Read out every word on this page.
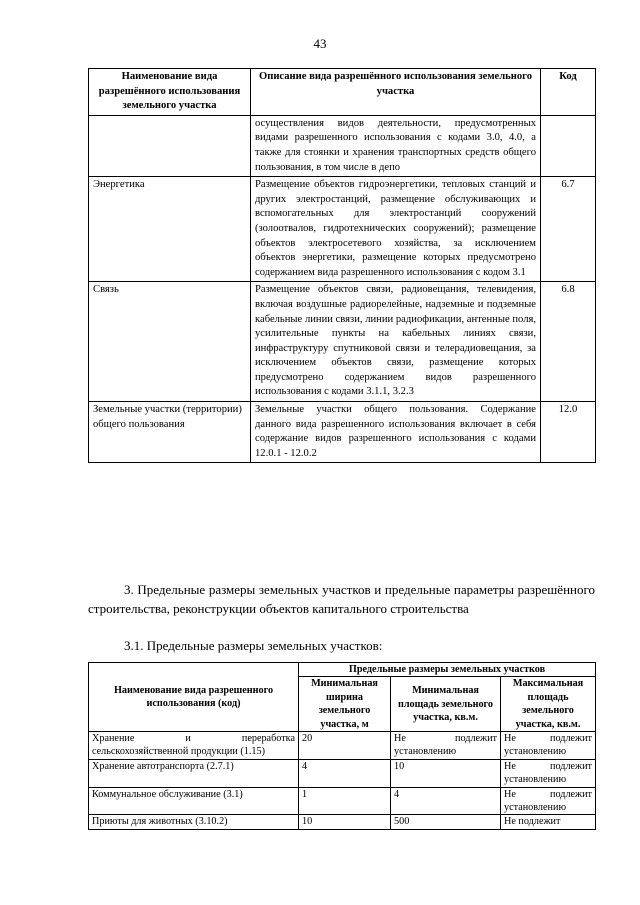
43
Наименование вида разрешённого использования земельного участка	Описание вида разрешённого использования земельного участка	Код
	осуществления видов деятельности, предусмотренных видами разрешенного использования с кодами 3.0, 4.0, а также для стоянки и хранения транспортных средств общего пользования, в том числе в депо	
Энергетика	Размещение объектов гидроэнергетики, тепловых станций и других электростанций, размещение обслуживающих и вспомогательных для электростанций сооружений (золоотвалов, гидротехнических сооружений); размещение объектов электросетевого хозяйства, за исключением объектов энергетики, размещение которых предусмотрено содержанием вида разрешенного использования с кодом 3.1	6.7
Связь	Размещение объектов связи, радиовещания, телевидения, включая воздушные радиорелейные, надземные и подземные кабельные линии связи, линии радиофикации, антенные поля, усилительные пункты на кабельных линиях связи, инфраструктуру спутниковой связи и телерадиовещания, за исключением объектов связи, размещение которых предусмотрено содержанием видов разрешенного использования с кодами 3.1.1, 3.2.3	6.8
Земельные участки (территории) общего пользования	Земельные участки общего пользования. Содержание данного вида разрешенного использования включает в себя содержание видов разрешенного использования с кодами 12.0.1 - 12.0.2	12.0
3. Предельные размеры земельных участков и предельные параметры разрешённого строительства, реконструкции объектов капитального строительства
3.1. Предельные размеры земельных участков:
Наименование вида разрешенного использования (код)	Предельные размеры земельных участков		
	Минимальная ширина земельного участка, м	Минимальная площадь земельного участка, кв.м.	Максимальная площадь земельного участка, кв.м.
Хранение и переработка сельскохозяйственной продукции (1.15)	20	Не подлежит установлению	Не подлежит установлению
Хранение автотранспорта (2.7.1)	4	10	Не подлежит установлению
Коммунальное обслуживание (3.1)	1	4	Не подлежит установлению
Приюты для животных (3.10.2)	10	500	Не подлежит
